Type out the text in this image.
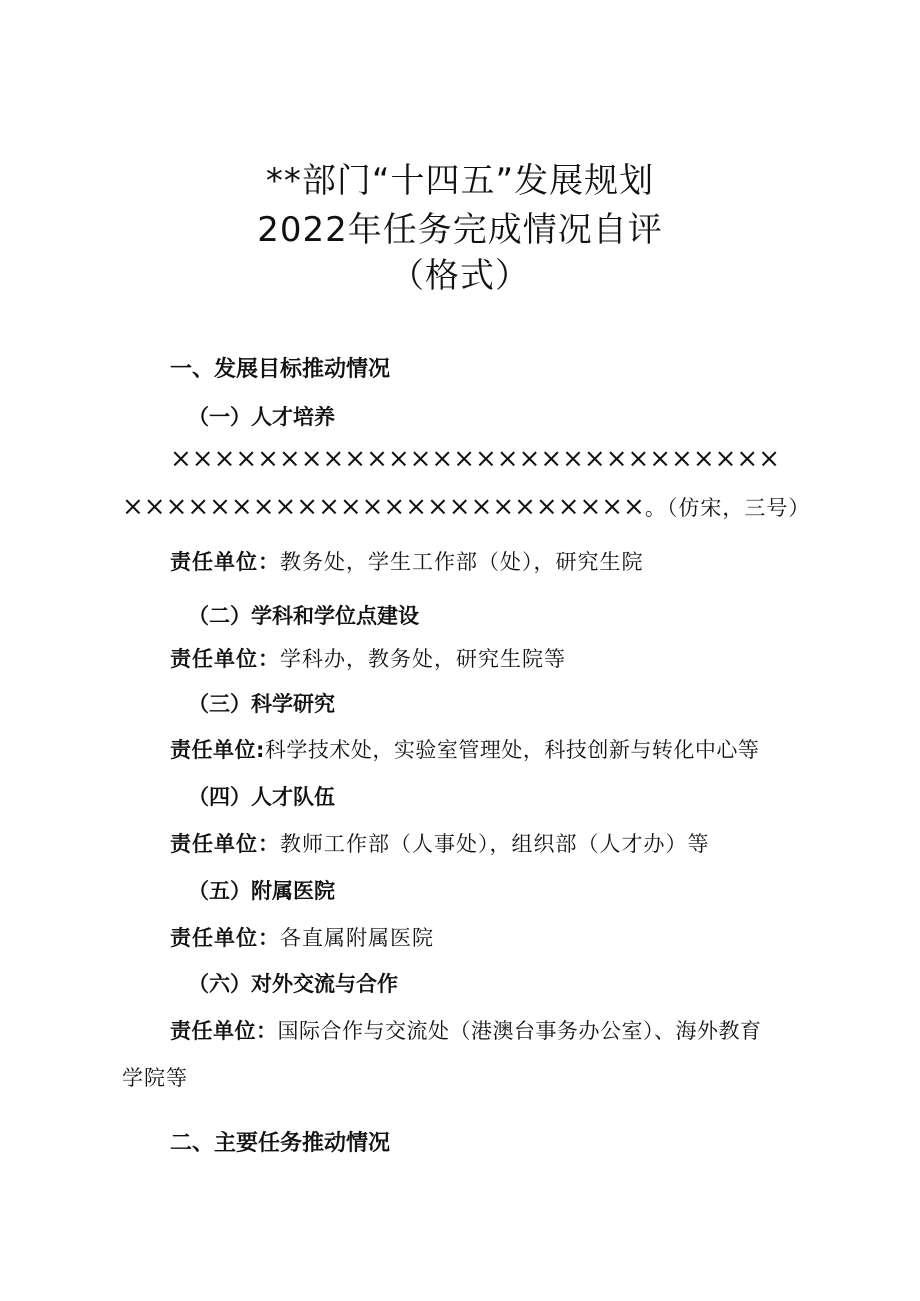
**部门“十四五”发展规划
2022年任务完成情况自评
（格式）
一、发展目标推动情况
（一）人才培养
××××××××××××××××××××××××××××
××××××××××××××××××××××××。（仿宋，三号）
责任单位：教务处，学生工作部（处），研究生院
（二）学科和学位点建设
责任单位：学科办，教务处，研究生院等
（三）科学研究
责任单位:科学技术处，实验室管理处，科技创新与转化中心等
（四）人才队伍
责任单位：教师工作部（人事处），组织部（人才办）等
（五）附属医院
责任单位：各直属附属医院
（六）对外交流与合作
责任单位：国际合作与交流处（港澳台事务办公室）、海外教育
学院等
二、主要任务推动情况
